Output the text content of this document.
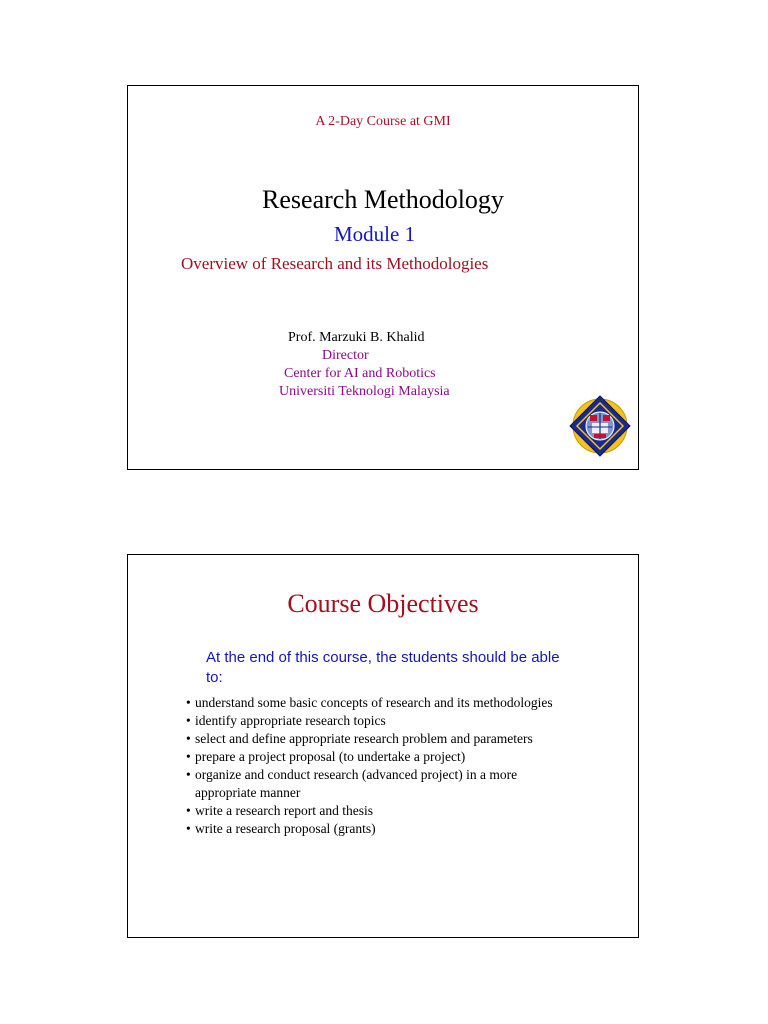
A 2-Day Course at GMI
Research Methodology
Module 1
Overview of Research and its Methodologies
Prof. Marzuki B. Khalid
Director
Center for AI and Robotics
Universiti Teknologi Malaysia
Course Objectives
At the end of this course, the students should be able to:
• understand some basic concepts of research and its methodologies
• identify appropriate research topics
• select and define appropriate research problem and parameters
• prepare a project proposal (to undertake a project)
• organize and conduct research (advanced project) in a more appropriate manner
• write a research report and thesis
• write a research proposal (grants)
